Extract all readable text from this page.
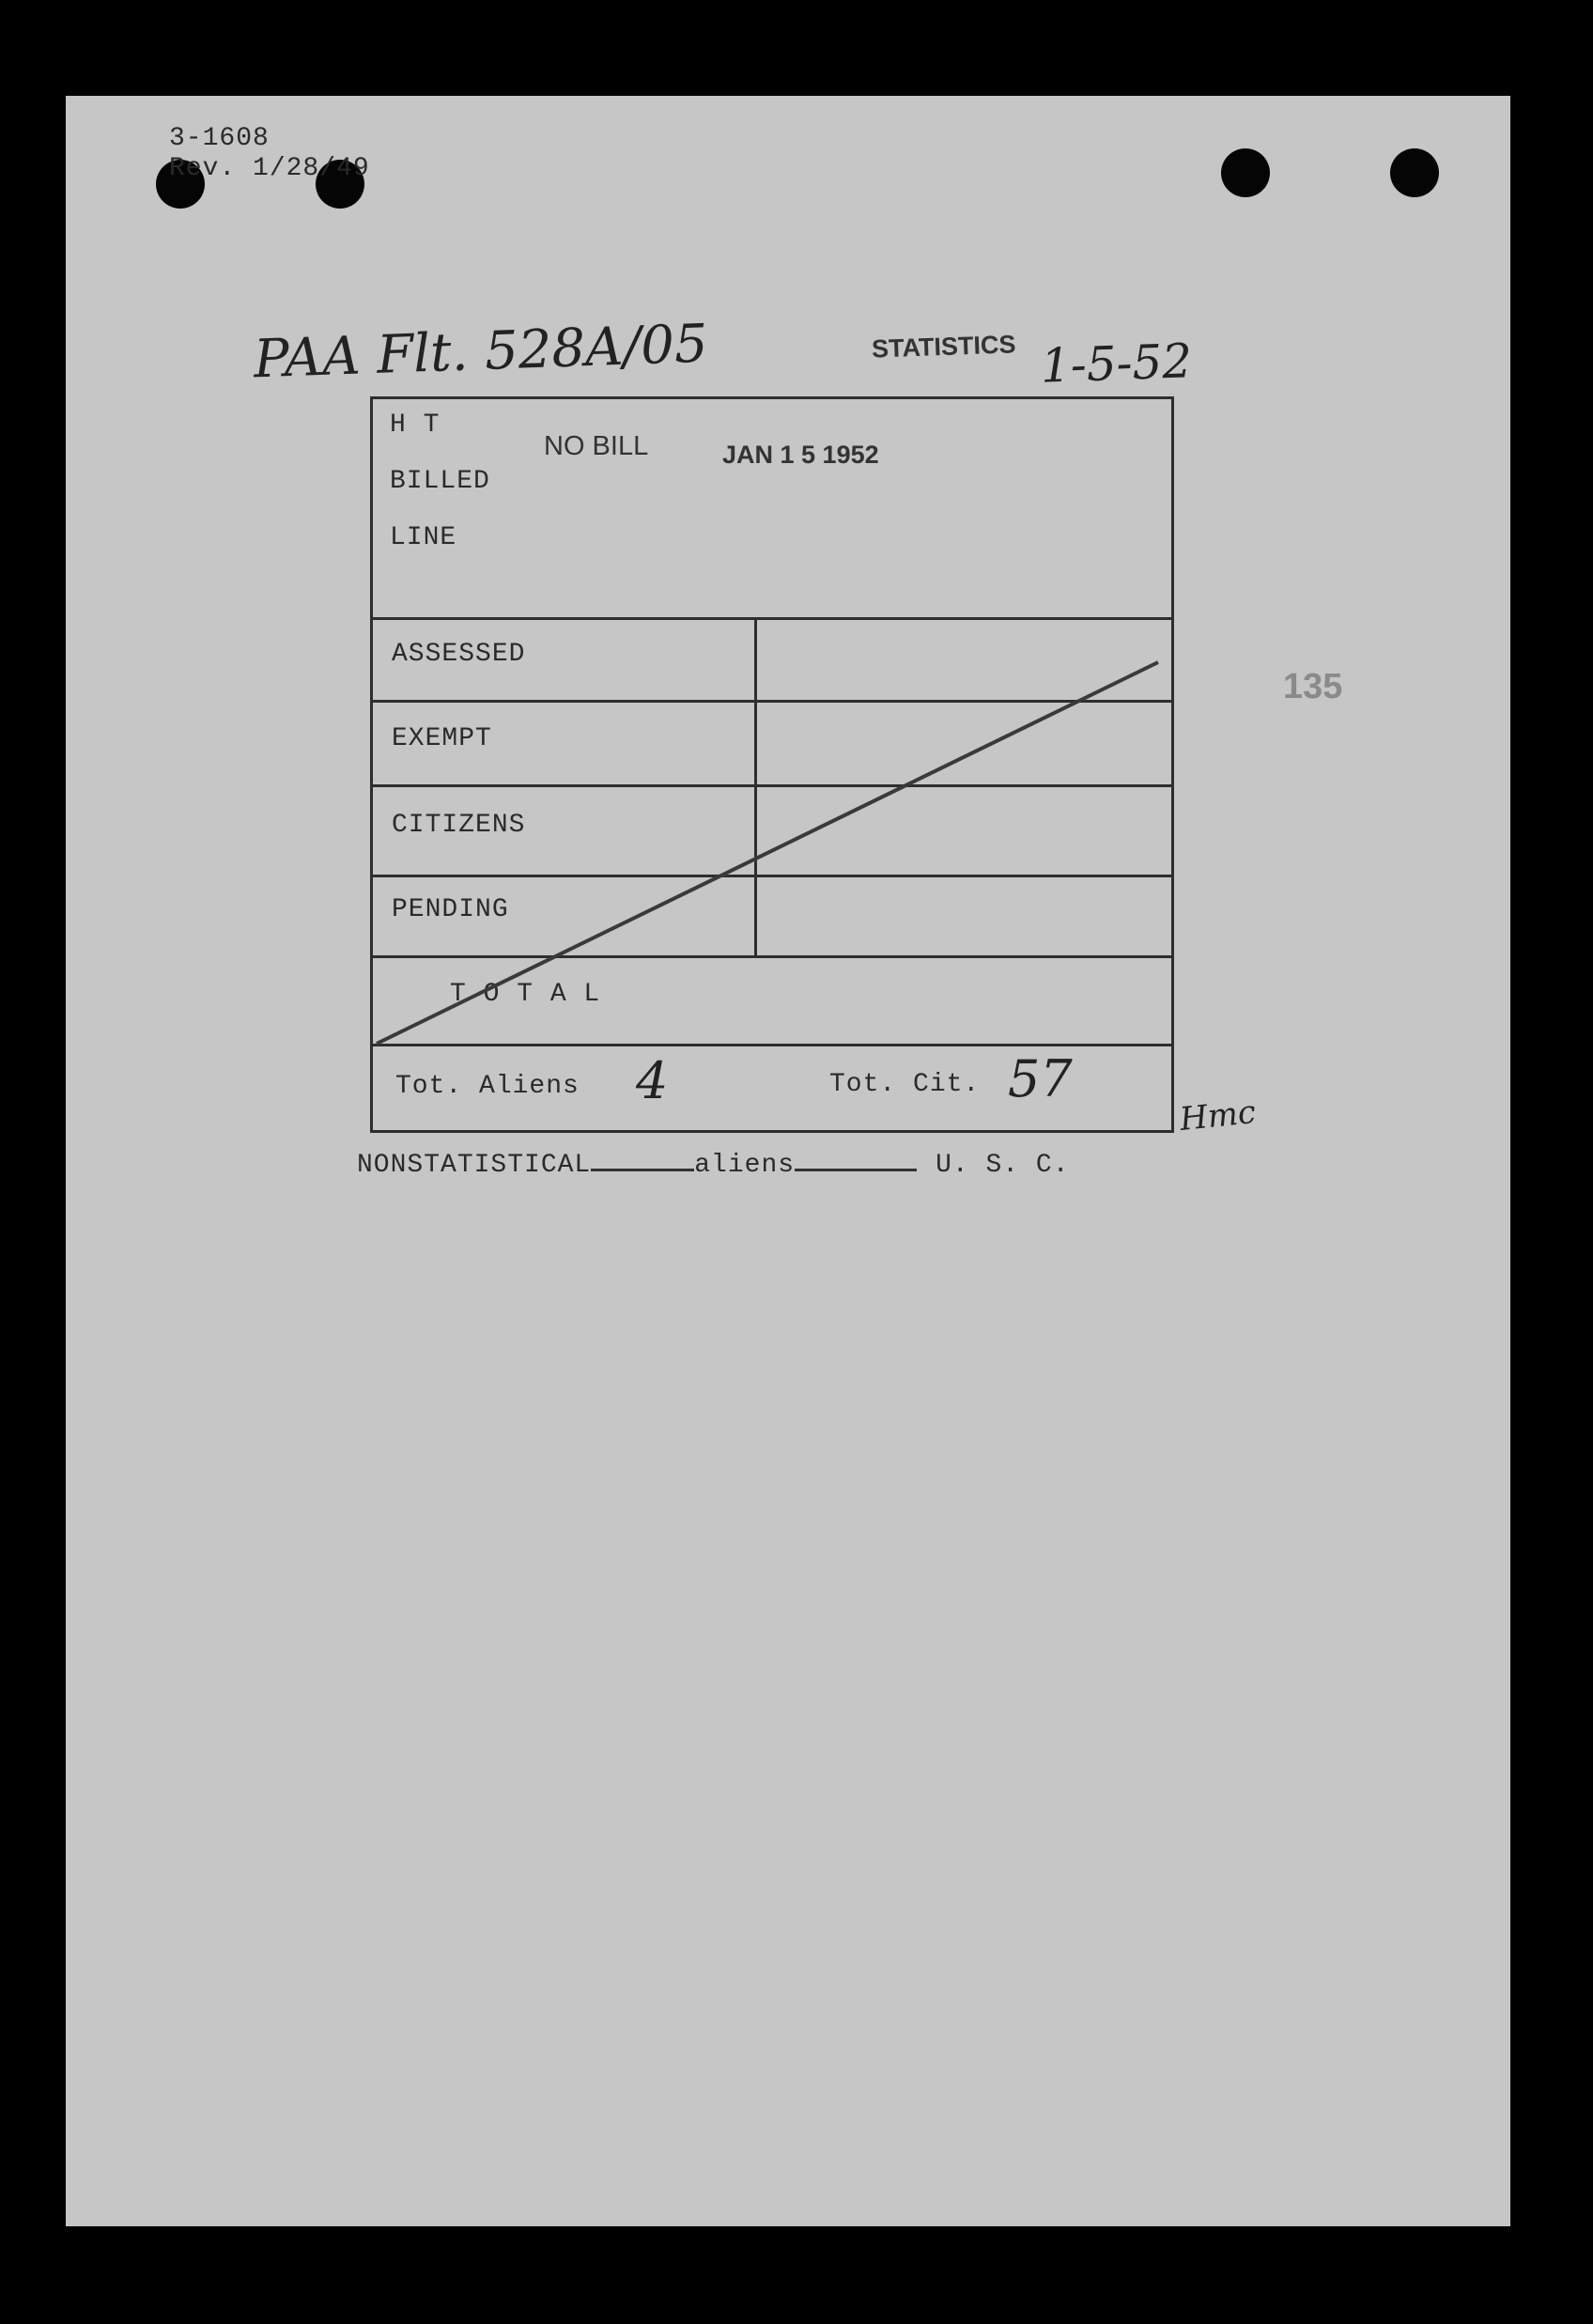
3-1608
Rev. 1/28/49
PAA Flt. 528A/05	STATISTICS 1-5-52
135
H T
BILLED
LINE
NO BILL	JAN 1 5 1952
ASSESSED
EXEMPT
CITIZENS
PENDING
T O T A L
Tot. Aliens 4	Tot. Cit. 57
Hmc
NONSTATISTICAL	aliens	U. S. C.
